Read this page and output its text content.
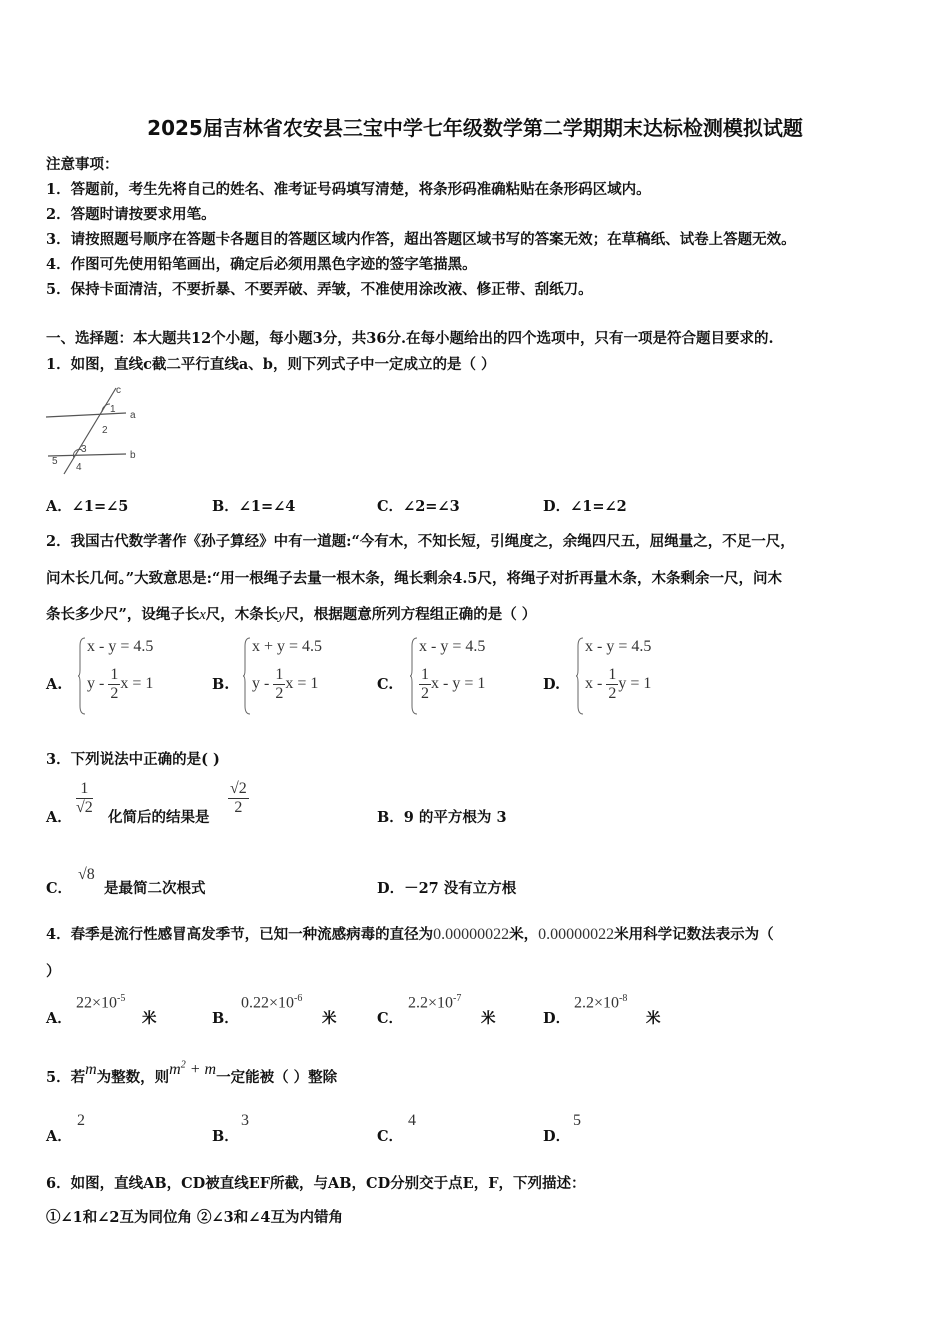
2025届吉林省农安县三宝中学七年级数学第二学期期末达标检测模拟试题
注意事项：
1．答题前，考生先将自己的姓名、准考证号码填写清楚，将条形码准确粘贴在条形码区域内。
2．答题时请按要求用笔。
3．请按照题号顺序在答题卡各题目的答题区域内作答，超出答题区域书写的答案无效；在草稿纸、试卷上答题无效。
4．作图可先使用铅笔画出，确定后必须用黑色字迹的签字笔描黑。
5．保持卡面清洁，不要折暴、不要弄破、弄皱，不准使用涂改液、修正带、刮纸刀。
一、选择题：本大题共12个小题，每小题3分，共36分.在每小题给出的四个选项中，只有一项是符合题目要求的.
1．如图，直线c截二平行直线a、b，则下列式子中一定成立的是（ ）
c
a
b
1
2
3
4
5
A．∠1=∠5	B．∠1=∠4	C．∠2=∠3	D．∠1=∠2
2．我国古代数学著作《孙子算经》中有一道题:“今有木，不知长短，引绳度之，余绳四尺五，屈绳量之，不足一尺，
问木长几何。”大致意思是:“用一根绳子去量一根木条，绳长剩余4.5尺，将绳子对折再量木条，木条剩余一尺，问木
条长多少尺”，设绳子长x尺，木条长y尺，根据题意所列方程组正确的是（ ）
A.
x - y = 4.5
y - $\frac{1}{2}$ x = 1	B.
x + y = 4.5
y - $\frac{1}{2}$ x = 1	C.
x - y = 4.5
$\frac{1}{2}$ x - y = 1	D.
x - y = 4.5
x - $\frac{1}{2}$ y = 1
3．下列说法中正确的是( )
A．
$\frac{1}{√2}$
化简后的结果是
$\frac{√2}{2}$
B．9 的平方根为 3
C．
√8
是最简二次根式	D．－27 没有立方根
4．春季是流行性感冒高发季节，已知一种流感病毒的直径为0.00000022米，0.00000022米用科学记数法表示为（
）
A．
$22\times 10^{-5}$
米	B．
$0.22\times 10^{-6}$
米	C．
$2.2\times 10^{-7}$
米	D．
$2.2\times 10^{-8}$
米
5．若m为整数，则$m^2 + m$一定能被（ ）整除
A．
2
B．
3
C．
4
D．
5
6．如图，直线AB，CD被直线EF所截，与AB，CD分别交于点E，F，下列描述：
①∠1和∠2互为同位角 ②∠3和∠4互为内错角
